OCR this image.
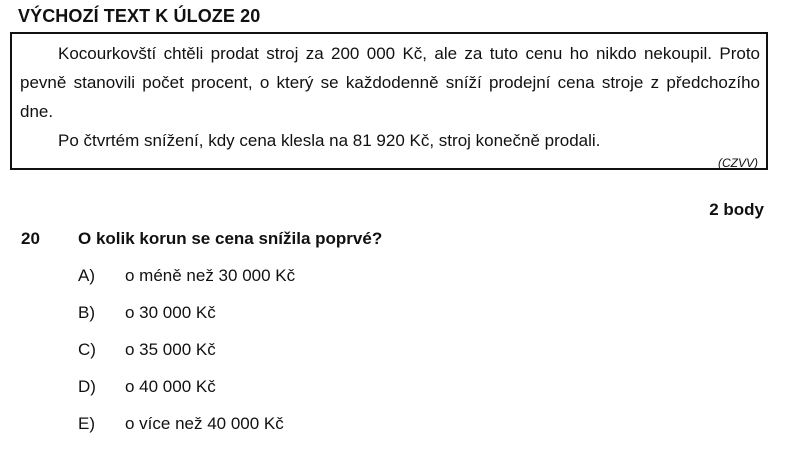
VÝCHOZÍ TEXT K ÚLOZE 20

Kocourkovští chtěli prodat stroj za 200 000 Kč, ale za tuto cenu ho nikdo nekoupil. Proto pevně stanovili počet procent, o který se každodenně sníží prodejní cena stroje z předchozího dne.

Po čtvrtém snížení, kdy cena klesla na 81 920 Kč, stroj konečně prodali.

(CZVV)
2 body
20 O kolik korun se cena snížila poprvé?
A) o méně než 30 000 Kč
B) o 30 000 Kč
C) o 35 000 Kč
D) o 40 000 Kč
E) o více než 40 000 Kč
